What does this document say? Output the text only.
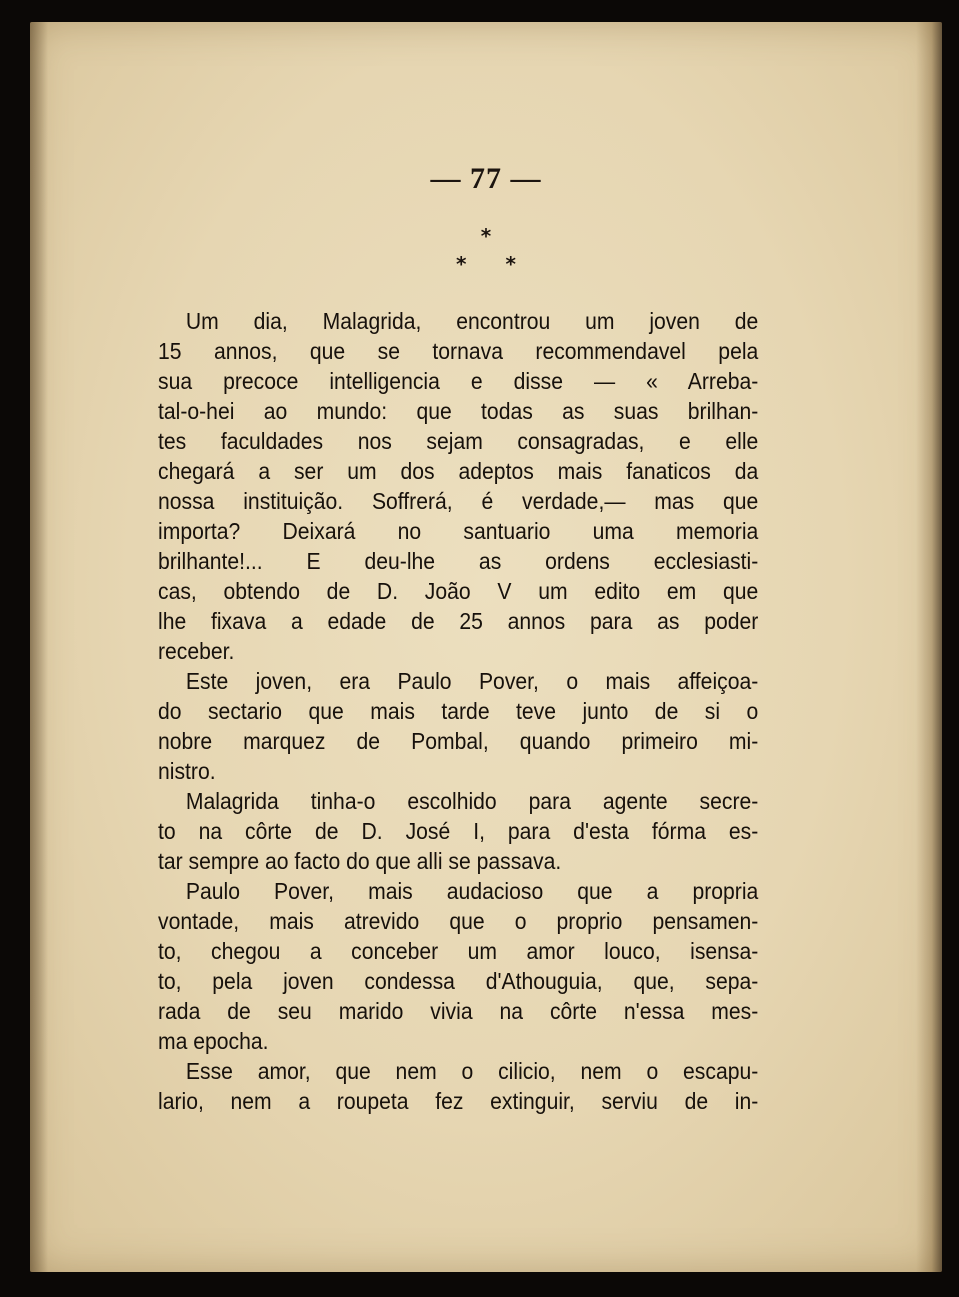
— 77 —
*
* *
Um dia, Malagrida, encontrou um joven de
15 annos, que se tornava recommendavel pela
sua precoce intelligencia e disse — « Arreba-
tal-o-hei ao mundo: que todas as suas brilhan-
tes faculdades nos sejam consagradas, e elle
chegará a ser um dos adeptos mais fanaticos da
nossa instituição. Soffrerá, é verdade,— mas que
importa? Deixará no santuario uma memoria
brilhante!... E deu-lhe as ordens ecclesiasti-
cas, obtendo de D. João V um edito em que
lhe fixava a edade de 25 annos para as poder
receber.
Este joven, era Paulo Pover, o mais affeiçoa-
do sectario que mais tarde teve junto de si o
nobre marquez de Pombal, quando primeiro mi-
nistro.
Malagrida tinha-o escolhido para agente secre-
to na côrte de D. José I, para d'esta fórma es-
tar sempre ao facto do que alli se passava.
Paulo Pover, mais audacioso que a propria
vontade, mais atrevido que o proprio pensamen-
to, chegou a conceber um amor louco, isensa-
to, pela joven condessa d'Athouguia, que, sepa-
rada de seu marido vivia na côrte n'essa mes-
ma epocha.
Esse amor, que nem o cilicio, nem o escapu-
lario, nem a roupeta fez extinguir, serviu de in-
